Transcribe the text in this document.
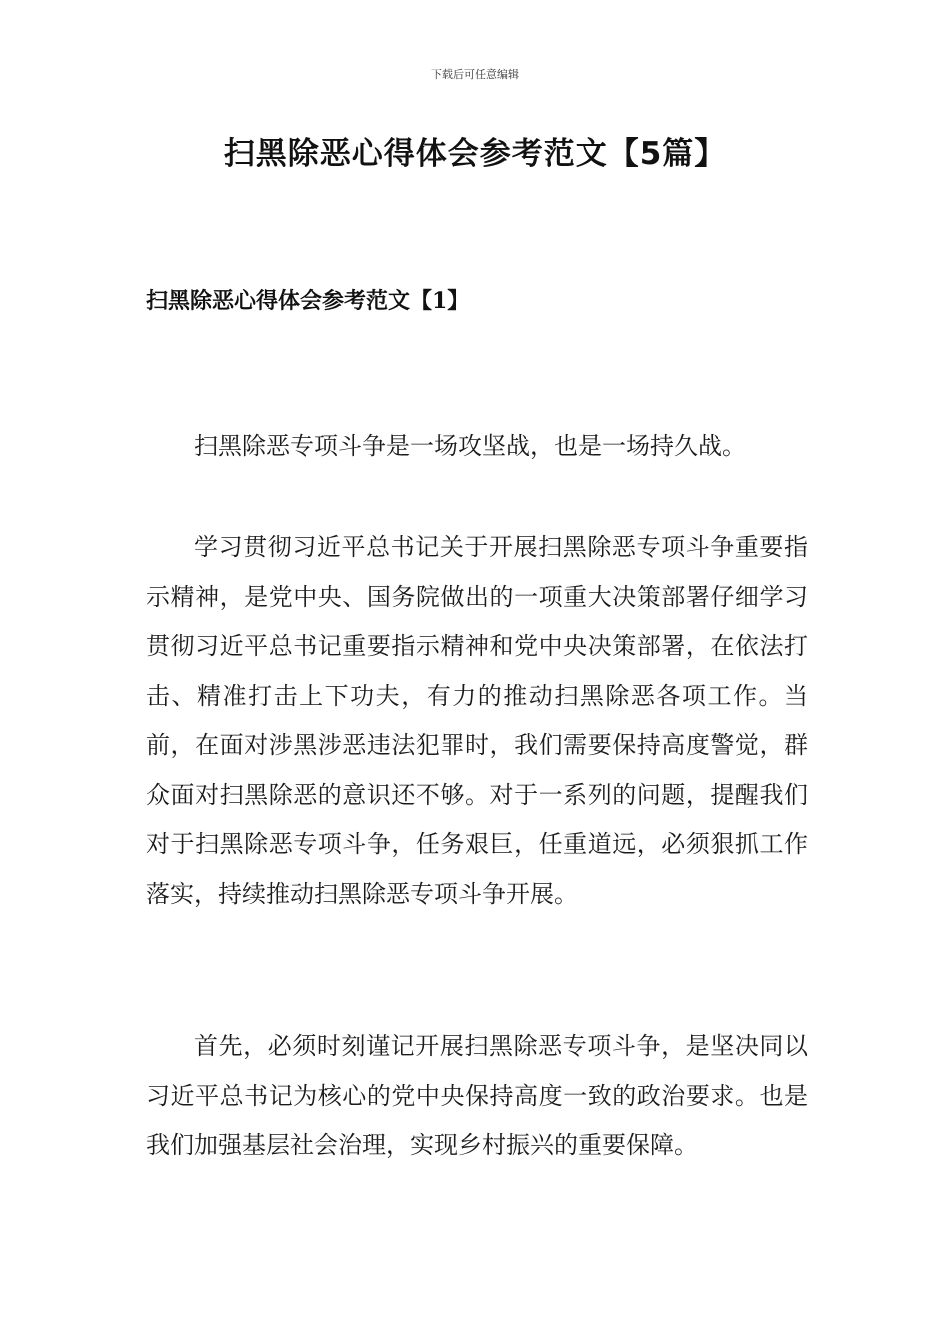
下载后可任意编辑
扫黑除恶心得体会参考范文【5篇】
扫黑除恶心得体会参考范文【1】

扫黑除恶专项斗争是一场攻坚战，也是一场持久战。

学习贯彻习近平总书记关于开展扫黑除恶专项斗争重要指示精神，是党中央、国务院做出的一项重大决策部署仔细学习贯彻习近平总书记重要指示精神和党中央决策部署，在依法打击、精准打击上下功夫，有力的推动扫黑除恶各项工作。当前，在面对涉黑涉恶违法犯罪时，我们需要保持高度警觉，群众面对扫黑除恶的意识还不够。对于一系列的问题，提醒我们对于扫黑除恶专项斗争，任务艰巨，任重道远，必须狠抓工作落实，持续推动扫黑除恶专项斗争开展。

首先，必须时刻谨记开展扫黑除恶专项斗争，是坚决同以习近平总书记为核心的党中央保持高度一致的政治要求。也是我们加强基层社会治理，实现乡村振兴的重要保障。
